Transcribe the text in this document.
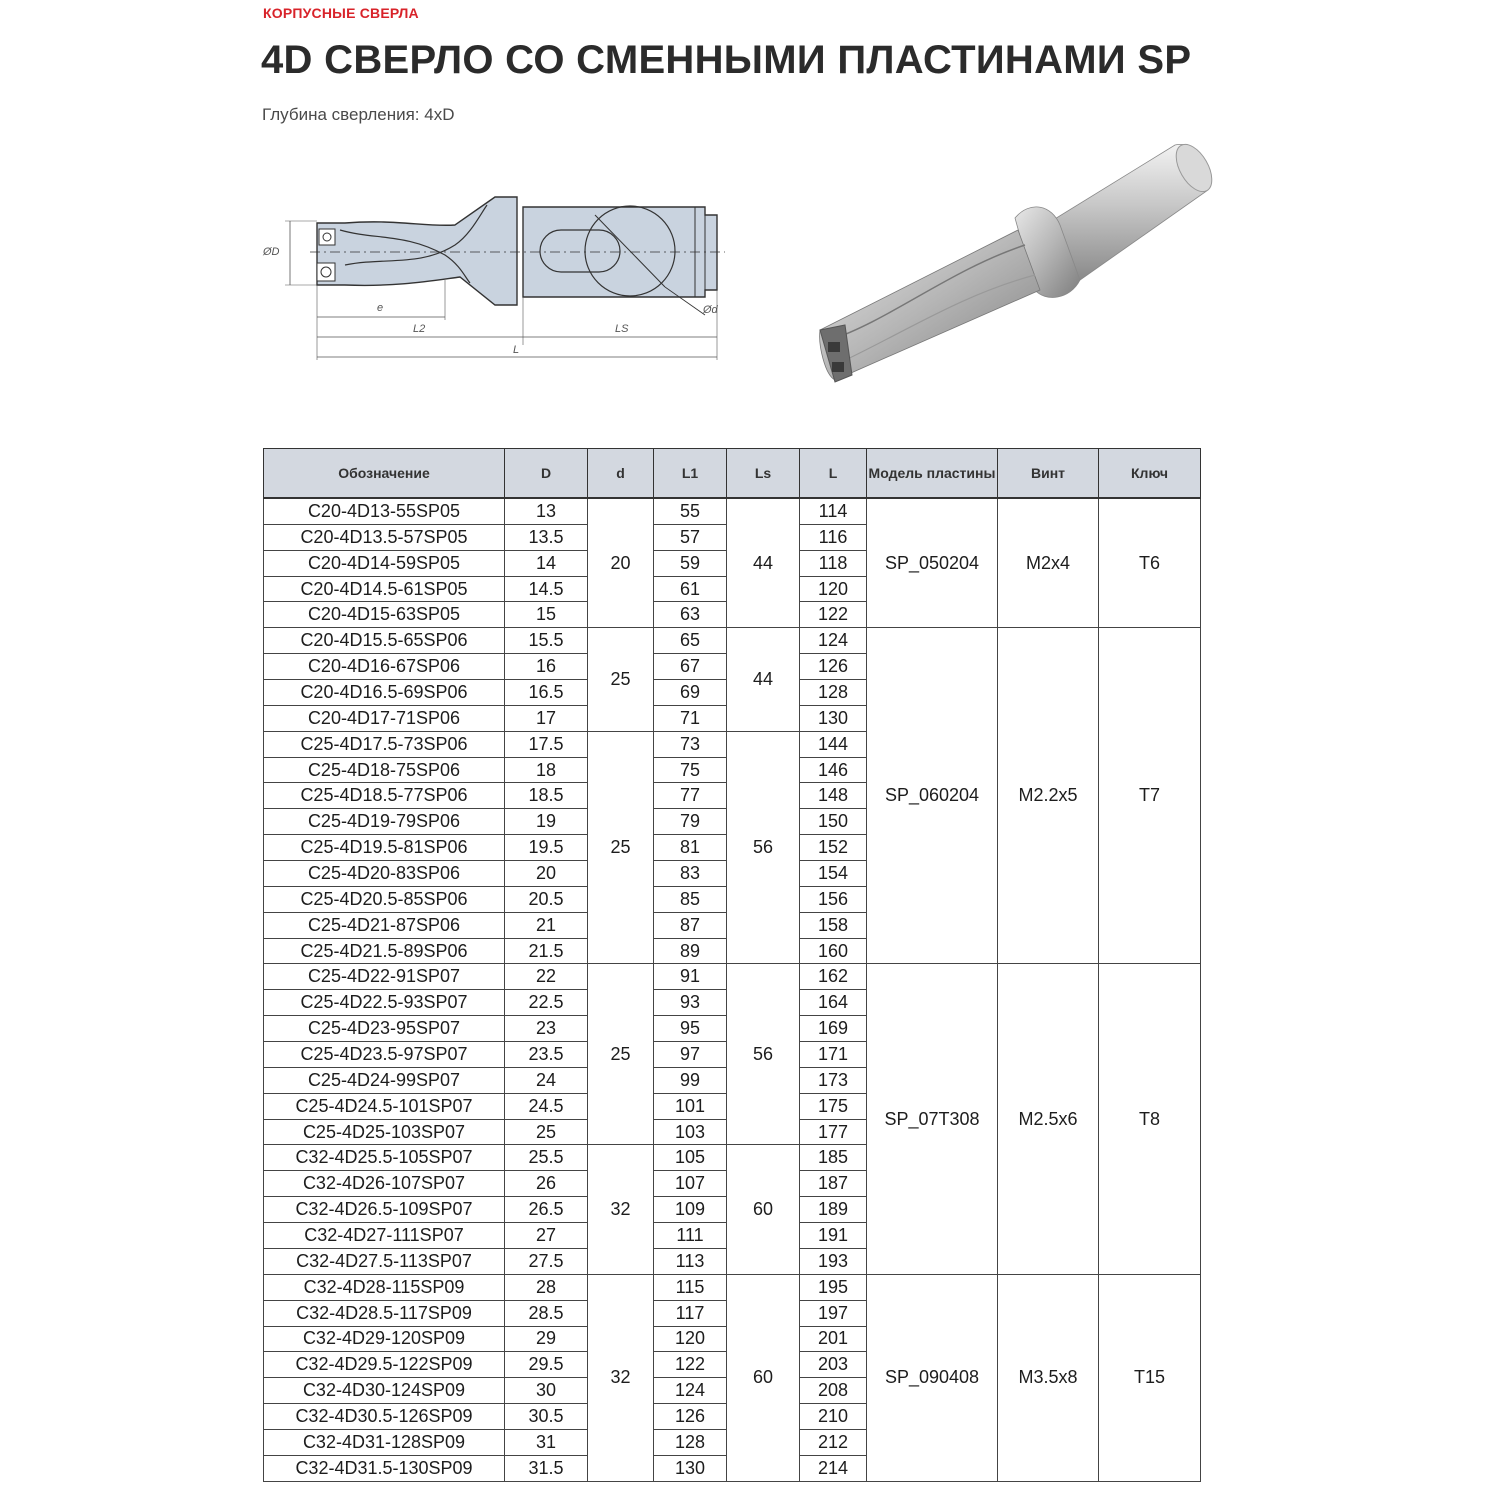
КОРПУСНЫЕ СВЕРЛА
4D СВЕРЛО СО СМЕННЫМИ ПЛАСТИНАМИ SP
Глубина сверления: 4xD
ØD
Ød
e
L2	LS
L
Обозначение	D	d	L1	Ls	L	Модель пластины	Винт	Ключ
C20-4D13-55SP05	13	20	55	44	114	SP_050204	M2x4	T6
C20-4D13.5-57SP05	13.5		57		116			
C20-4D14-59SP05	14		59		118			
C20-4D14.5-61SP05	14.5		61		120			
C20-4D15-63SP05	15		63		122			
C20-4D15.5-65SP06	15.5	25	65	44	124	SP_060204	M2.2x5	T7
C20-4D16-67SP06	16		67		126			
C20-4D16.5-69SP06	16.5		69		128			
C20-4D17-71SP06	17		71		130			
C25-4D17.5-73SP06	17.5	25	73	56	144			
C25-4D18-75SP06	18		75		146			
C25-4D18.5-77SP06	18.5		77		148			
C25-4D19-79SP06	19		79		150			
C25-4D19.5-81SP06	19.5		81		152			
C25-4D20-83SP06	20		83		154			
C25-4D20.5-85SP06	20.5		85		156			
C25-4D21-87SP06	21		87		158			
C25-4D21.5-89SP06	21.5		89		160			
C25-4D22-91SP07	22	25	91	56	162	SP_07T308	M2.5x6	T8
C25-4D22.5-93SP07	22.5		93		164			
C25-4D23-95SP07	23		95		169			
C25-4D23.5-97SP07	23.5		97		171			
C25-4D24-99SP07	24		99		173			
C25-4D24.5-101SP07	24.5		101		175			
C25-4D25-103SP07	25		103		177			
C32-4D25.5-105SP07	25.5	32	105	60	185			
C32-4D26-107SP07	26		107		187			
C32-4D26.5-109SP07	26.5		109		189			
C32-4D27-111SP07	27		111		191			
C32-4D27.5-113SP07	27.5		113		193			
C32-4D28-115SP09	28	32	115	60	195	SP_090408	M3.5x8	T15
C32-4D28.5-117SP09	28.5		117		197			
C32-4D29-120SP09	29		120		201			
C32-4D29.5-122SP09	29.5		122		203			
C32-4D30-124SP09	30		124		208			
C32-4D30.5-126SP09	30.5		126		210			
C32-4D31-128SP09	31		128		212			
C32-4D31.5-130SP09	31.5		130		214			
